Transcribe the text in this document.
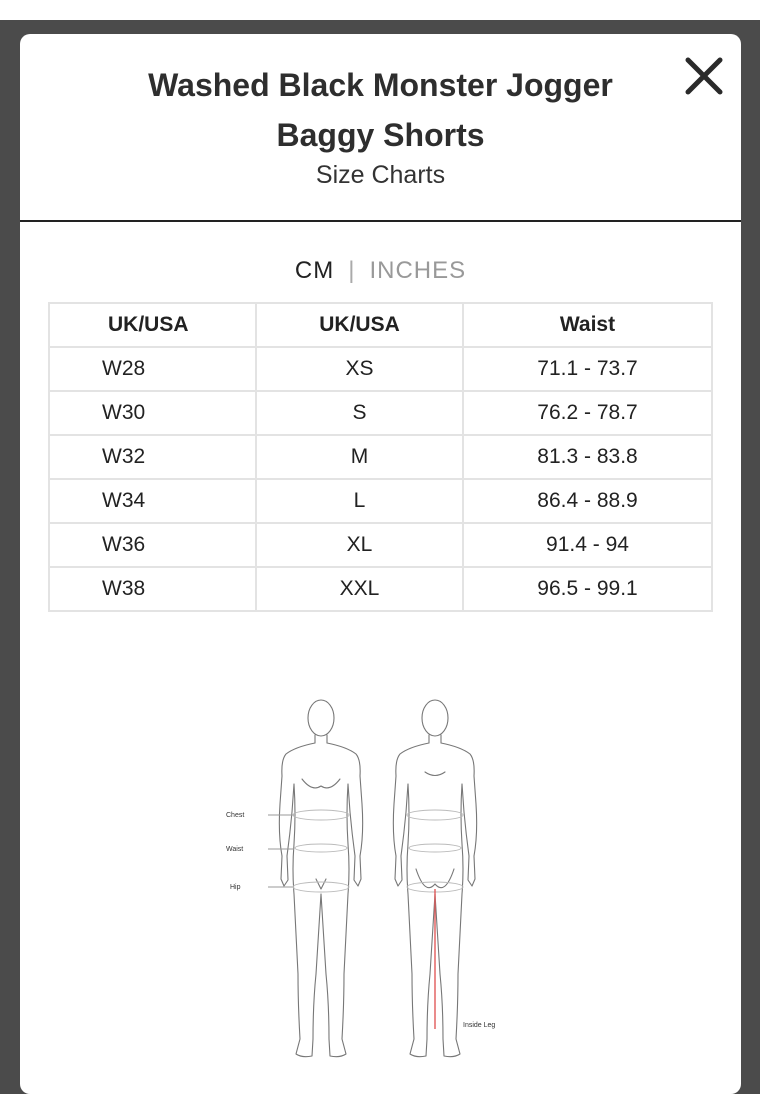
Washed Black Monster Jogger
Baggy Shorts
Size Charts
CM | INCHES
UK/USA	UK/USA	Waist
W28	XS	71.1 - 73.7
W30	S	76.2 - 78.7
W32	M	81.3 - 83.8
W34	L	86.4 - 88.9
W36	XL	91.4 - 94
W38	XXL	96.5 - 99.1
Chest
Waist
Hip
Inside Leg
